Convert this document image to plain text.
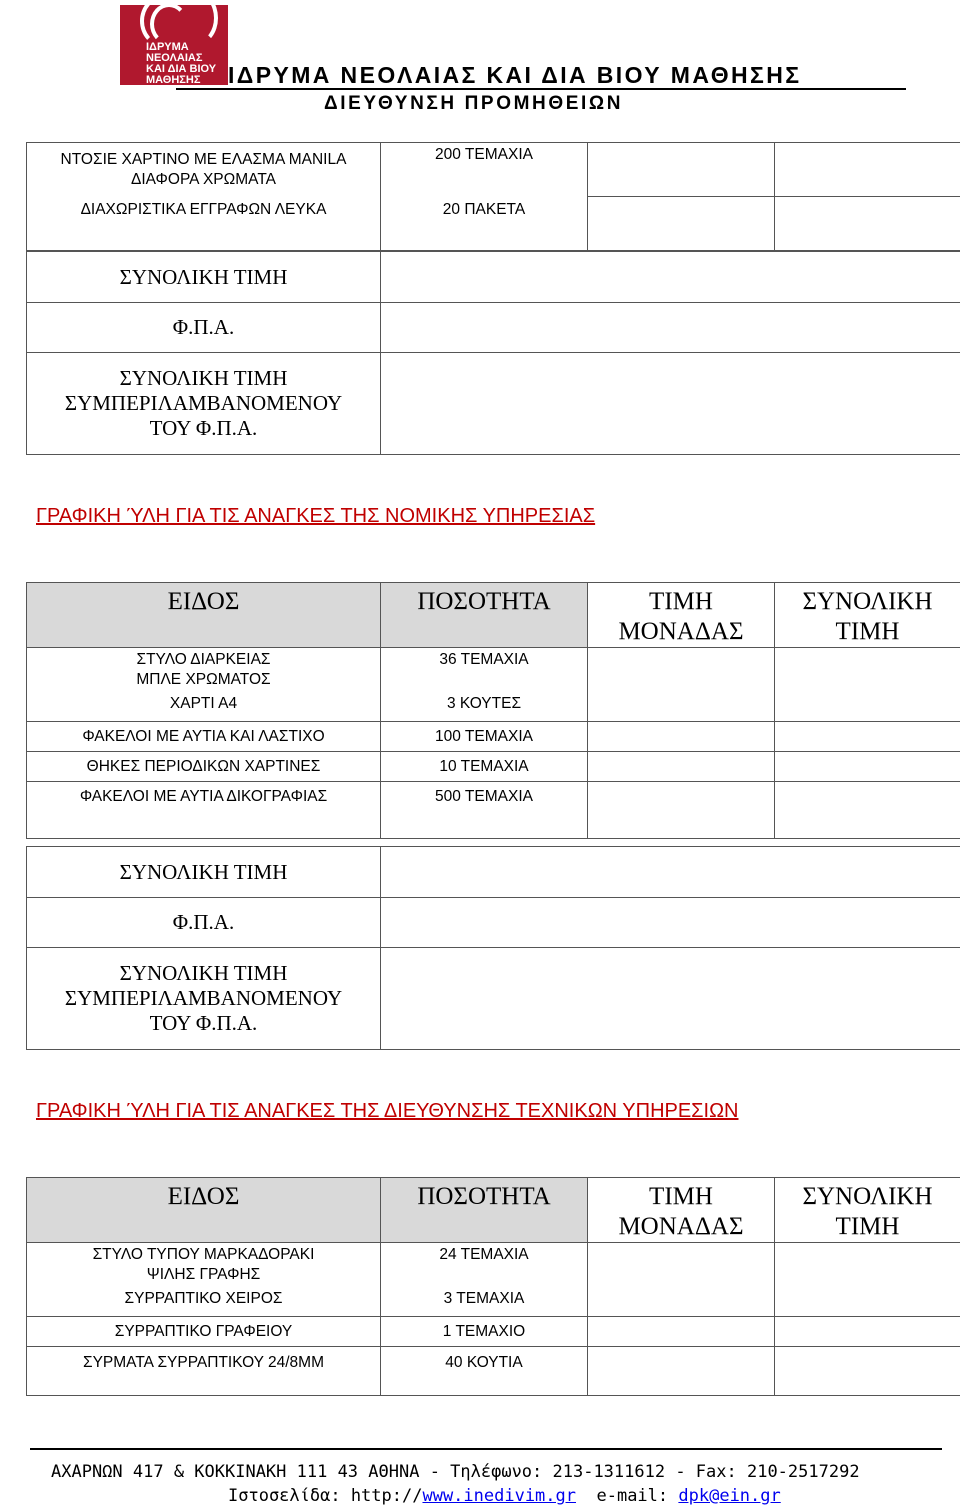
ΙΔΡΥΜΑ
ΝΕΟΛΑΙΑΣ
ΚΑΙ ΔΙΑ ΒΙΟΥ
ΜΑΘΗΣΗΣ	ΙΔΡΥΜΑ ΝΕΟΛΑΙΑΣ ΚΑΙ ΔΙΑ ΒΙΟΥ ΜΑΘΗΣΗΣ
ΔΙΕΥΘΥΝΣΗ ΠΡΟΜΗΘΕΙΩΝ
ΝΤΟΣΙΕ ΧΑΡΤΙΝΟ ΜΕ ΕΛΑΣΜΑ MANILA ΔΙΑΦΟΡΑ ΧΡΩΜΑΤΑ	200 ΤΕΜΑΧΙΑ		
ΔΙΑΧΩΡΙΣΤΙΚΑ ΕΓΓΡΑΦΩΝ ΛΕΥΚΑ	20 ΠΑΚΕΤΑ		
ΣΥΝΟΛΙΚΗ ΤΙΜΗ	
Φ.Π.Α.	
ΣΥΝΟΛΙΚΗ ΤΙΜΗ ΣΥΜΠΕΡΙΛΑΜΒΑΝΟΜΕΝΟΥ ΤΟΥ Φ.Π.Α.	
ΓΡΑΦΙΚΗ ΎΛΗ ΓΙΑ ΤΙΣ ΑΝΑΓΚΕΣ ΤΗΣ ΝΟΜΙΚΗΣ ΥΠΗΡΕΣΙΑΣ
ΕΙΔΟΣ	ΠΟΣΟΤΗΤΑ	ΤΙΜΗ ΜΟΝΑΔΑΣ	ΣΥΝΟΛΙΚΗ ΤΙΜΗ
ΣΤΥΛΟ ΔΙΑΡΚΕΙΑΣ ΜΠΛΕ ΧΡΩΜΑΤΟΣ	36 ΤΕΜΑΧΙΑ		
ΧΑΡΤΙ Α4	3 ΚΟΥΤΕΣ		
ΦΑΚΕΛΟΙ ΜΕ ΑΥΤΙΑ ΚΑΙ ΛΑΣΤΙΧΟ	100 ΤΕΜΑΧΙΑ		
ΘΗΚΕΣ ΠΕΡΙΟΔΙΚΩΝ ΧΑΡΤΙΝΕΣ	10 ΤΕΜΑΧΙΑ		
ΦΑΚΕΛΟΙ ΜΕ ΑΥΤΙΑ ΔΙΚΟΓΡΑΦΙΑΣ	500 ΤΕΜΑΧΙΑ		
ΣΥΝΟΛΙΚΗ ΤΙΜΗ	
Φ.Π.Α.	
ΣΥΝΟΛΙΚΗ ΤΙΜΗ ΣΥΜΠΕΡΙΛΑΜΒΑΝΟΜΕΝΟΥ ΤΟΥ Φ.Π.Α.	
ΓΡΑΦΙΚΗ ΎΛΗ ΓΙΑ ΤΙΣ ΑΝΑΓΚΕΣ ΤΗΣ ΔΙΕΥΘΥΝΣΗΣ ΤΕΧΝΙΚΩΝ ΥΠΗΡΕΣΙΩΝ
ΕΙΔΟΣ	ΠΟΣΟΤΗΤΑ	ΤΙΜΗ ΜΟΝΑΔΑΣ	ΣΥΝΟΛΙΚΗ ΤΙΜΗ
ΣΤΥΛΟ ΤΥΠΟΥ ΜΑΡΚΑΔΟΡΑΚΙ ΨΙΛΗΣ ΓΡΑΦΗΣ	24 ΤΕΜΑΧΙΑ		
ΣΥΡΡΑΠΤΙΚΟ ΧΕΙΡΟΣ	3 ΤΕΜΑΧΙΑ		
ΣΥΡΡΑΠΤΙΚΟ ΓΡΑΦΕΙΟΥ	1 ΤΕΜΑΧΙΟ		
ΣΥΡΜΑΤΑ ΣΥΡΡΑΠΤΙΚΟΥ 24/8ΜΜ	40 ΚΟΥΤΙΑ		
ΑΧΑΡΝΩΝ 417 & ΚΟΚΚΙΝΑΚΗ 111 43 ΑΘΗΝΑ - Τηλέφωνο: 213-1311612 - Fax: 210-2517292
Ιστοσελίδα: http://www.inedivim.gr e-mail: dpk@ein.gr
